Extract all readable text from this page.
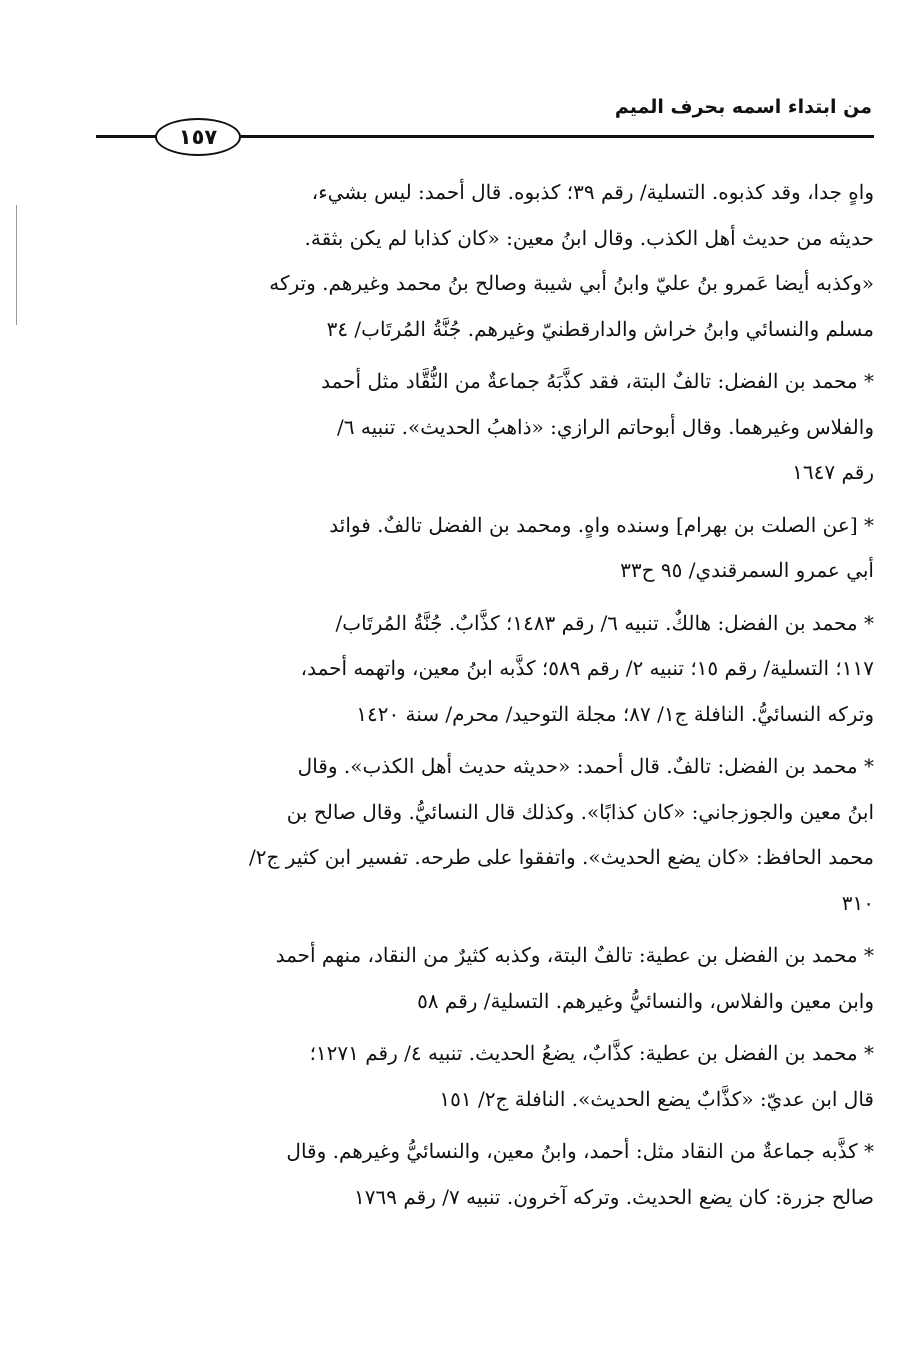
من ابتداء اسمه بحرف الميم
١٥٧
واهٍ جدا، وقد كذبوه. التسلية/ رقم ٣٩؛ كذبوه. قال أحمد: ليس بشيء،
حديثه من حديث أهل الكذب. وقال ابنُ معين: «كان كذابا لم يكن بثقة.
«وكذبه أيضا عَمرو بنُ عليّ وابنُ أبي شيبة وصالح بنُ محمد وغيرهم. وتركه
مسلم والنسائي وابنُ خراش والدارقطنيّ وغيرهم. جُنَّةُ المُرتَاب/ ٣٤
* محمد بن الفضل: تالفٌ البتة، فقد كذَّبَهُ جماعةٌ من النُّقَّاد مثل أحمد
والفلاس وغيرهما. وقال أبوحاتم الرازي: «ذاهبُ الحديث». تنبيه ٦/
رقم ١٦٤٧
* [عن الصلت بن بهرام] وسنده واهٍ. ومحمد بن الفضل تالفٌ. فوائد
أبي عمرو السمرقندي/ ٩٥ ح٣٣
* محمد بن الفضل: هالكٌ. تنبيه ٦/ رقم ١٤٨٣؛ كذَّابٌ. جُنَّةُ المُرتَاب/
١١٧؛ التسلية/ رقم ١٥؛ تنبيه ٢/ رقم ٥٨٩؛ كذَّبه ابنُ معين، واتهمه أحمد،
وتركه النسائيُّ. النافلة ج١/ ٨٧؛ مجلة التوحيد/ محرم/ سنة ١٤٢٠
* محمد بن الفضل: تالفٌ. قال أحمد: «حديثه حديث أهل الكذب». وقال
ابنُ معين والجوزجاني: «كان كذابًا». وكذلك قال النسائيُّ. وقال صالح بن
محمد الحافظ: «كان يضع الحديث». واتفقوا على طرحه. تفسير ابن كثير ج٢/
٣١٠
* محمد بن الفضل بن عطية: تالفٌ البتة، وكذبه كثيرٌ من النقاد، منهم أحمد
وابن معين والفلاس، والنسائيُّ وغيرهم. التسلية/ رقم ٥٨
* محمد بن الفضل بن عطية: كذَّابٌ، يضعُ الحديث. تنبيه ٤/ رقم ١٢٧١؛
قال ابن عديّ: «كذَّابٌ يضع الحديث». النافلة ج٢/ ١٥١
* كذَّبه جماعةٌ من النقاد مثل: أحمد، وابنُ معين، والنسائيُّ وغيرهم. وقال
صالح جزرة: كان يضع الحديث. وتركه آخرون. تنبيه ٧/ رقم ١٧٦٩
